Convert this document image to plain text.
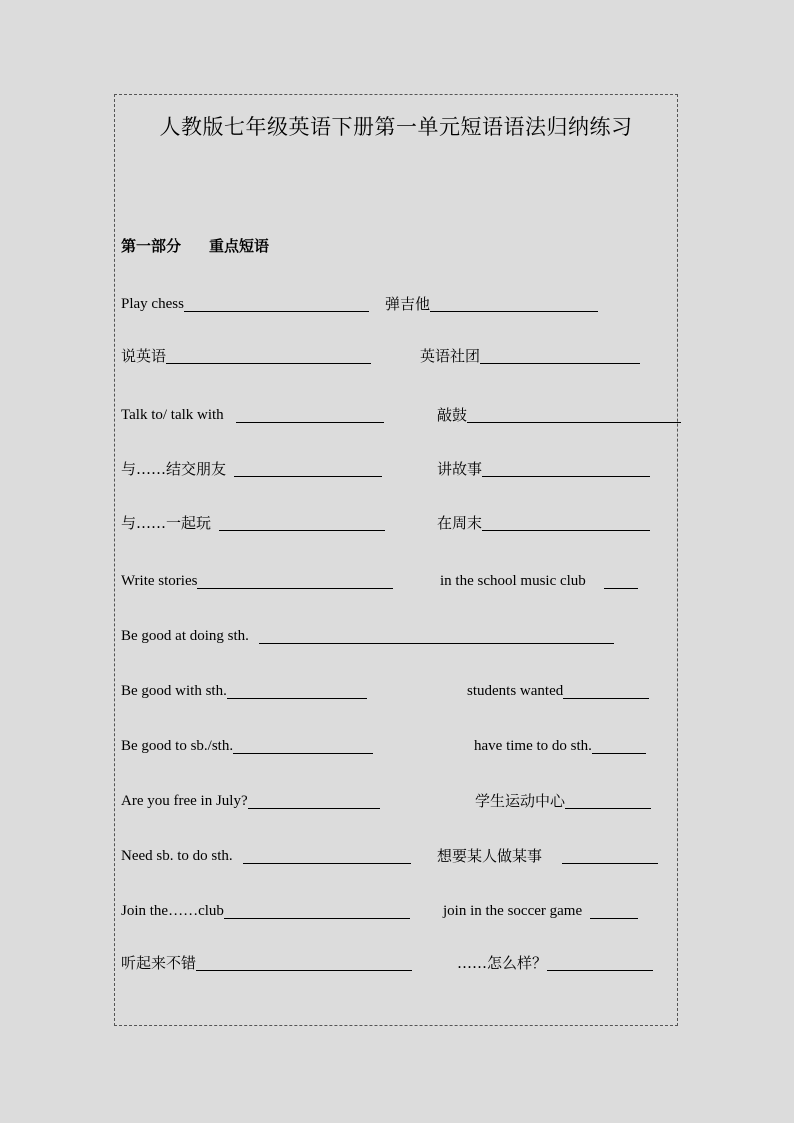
人教版七年级英语下册第一单元短语语法归纳练习
第一部分 重点短语
Play chess	弹吉他
说英语	英语社团
Talk to/ talk with	敲鼓
与……结交朋友	讲故事
与……一起玩	在周末
Write stories	in the school music club
Be good at doing sth.
Be good with sth.	students wanted
Be good to sb./sth.	have time to do sth.
Are you free in July?	学生运动中心
Need sb. to do sth.	想要某人做某事
Join the……club	join in the soccer game
听起来不错	……怎么样？
